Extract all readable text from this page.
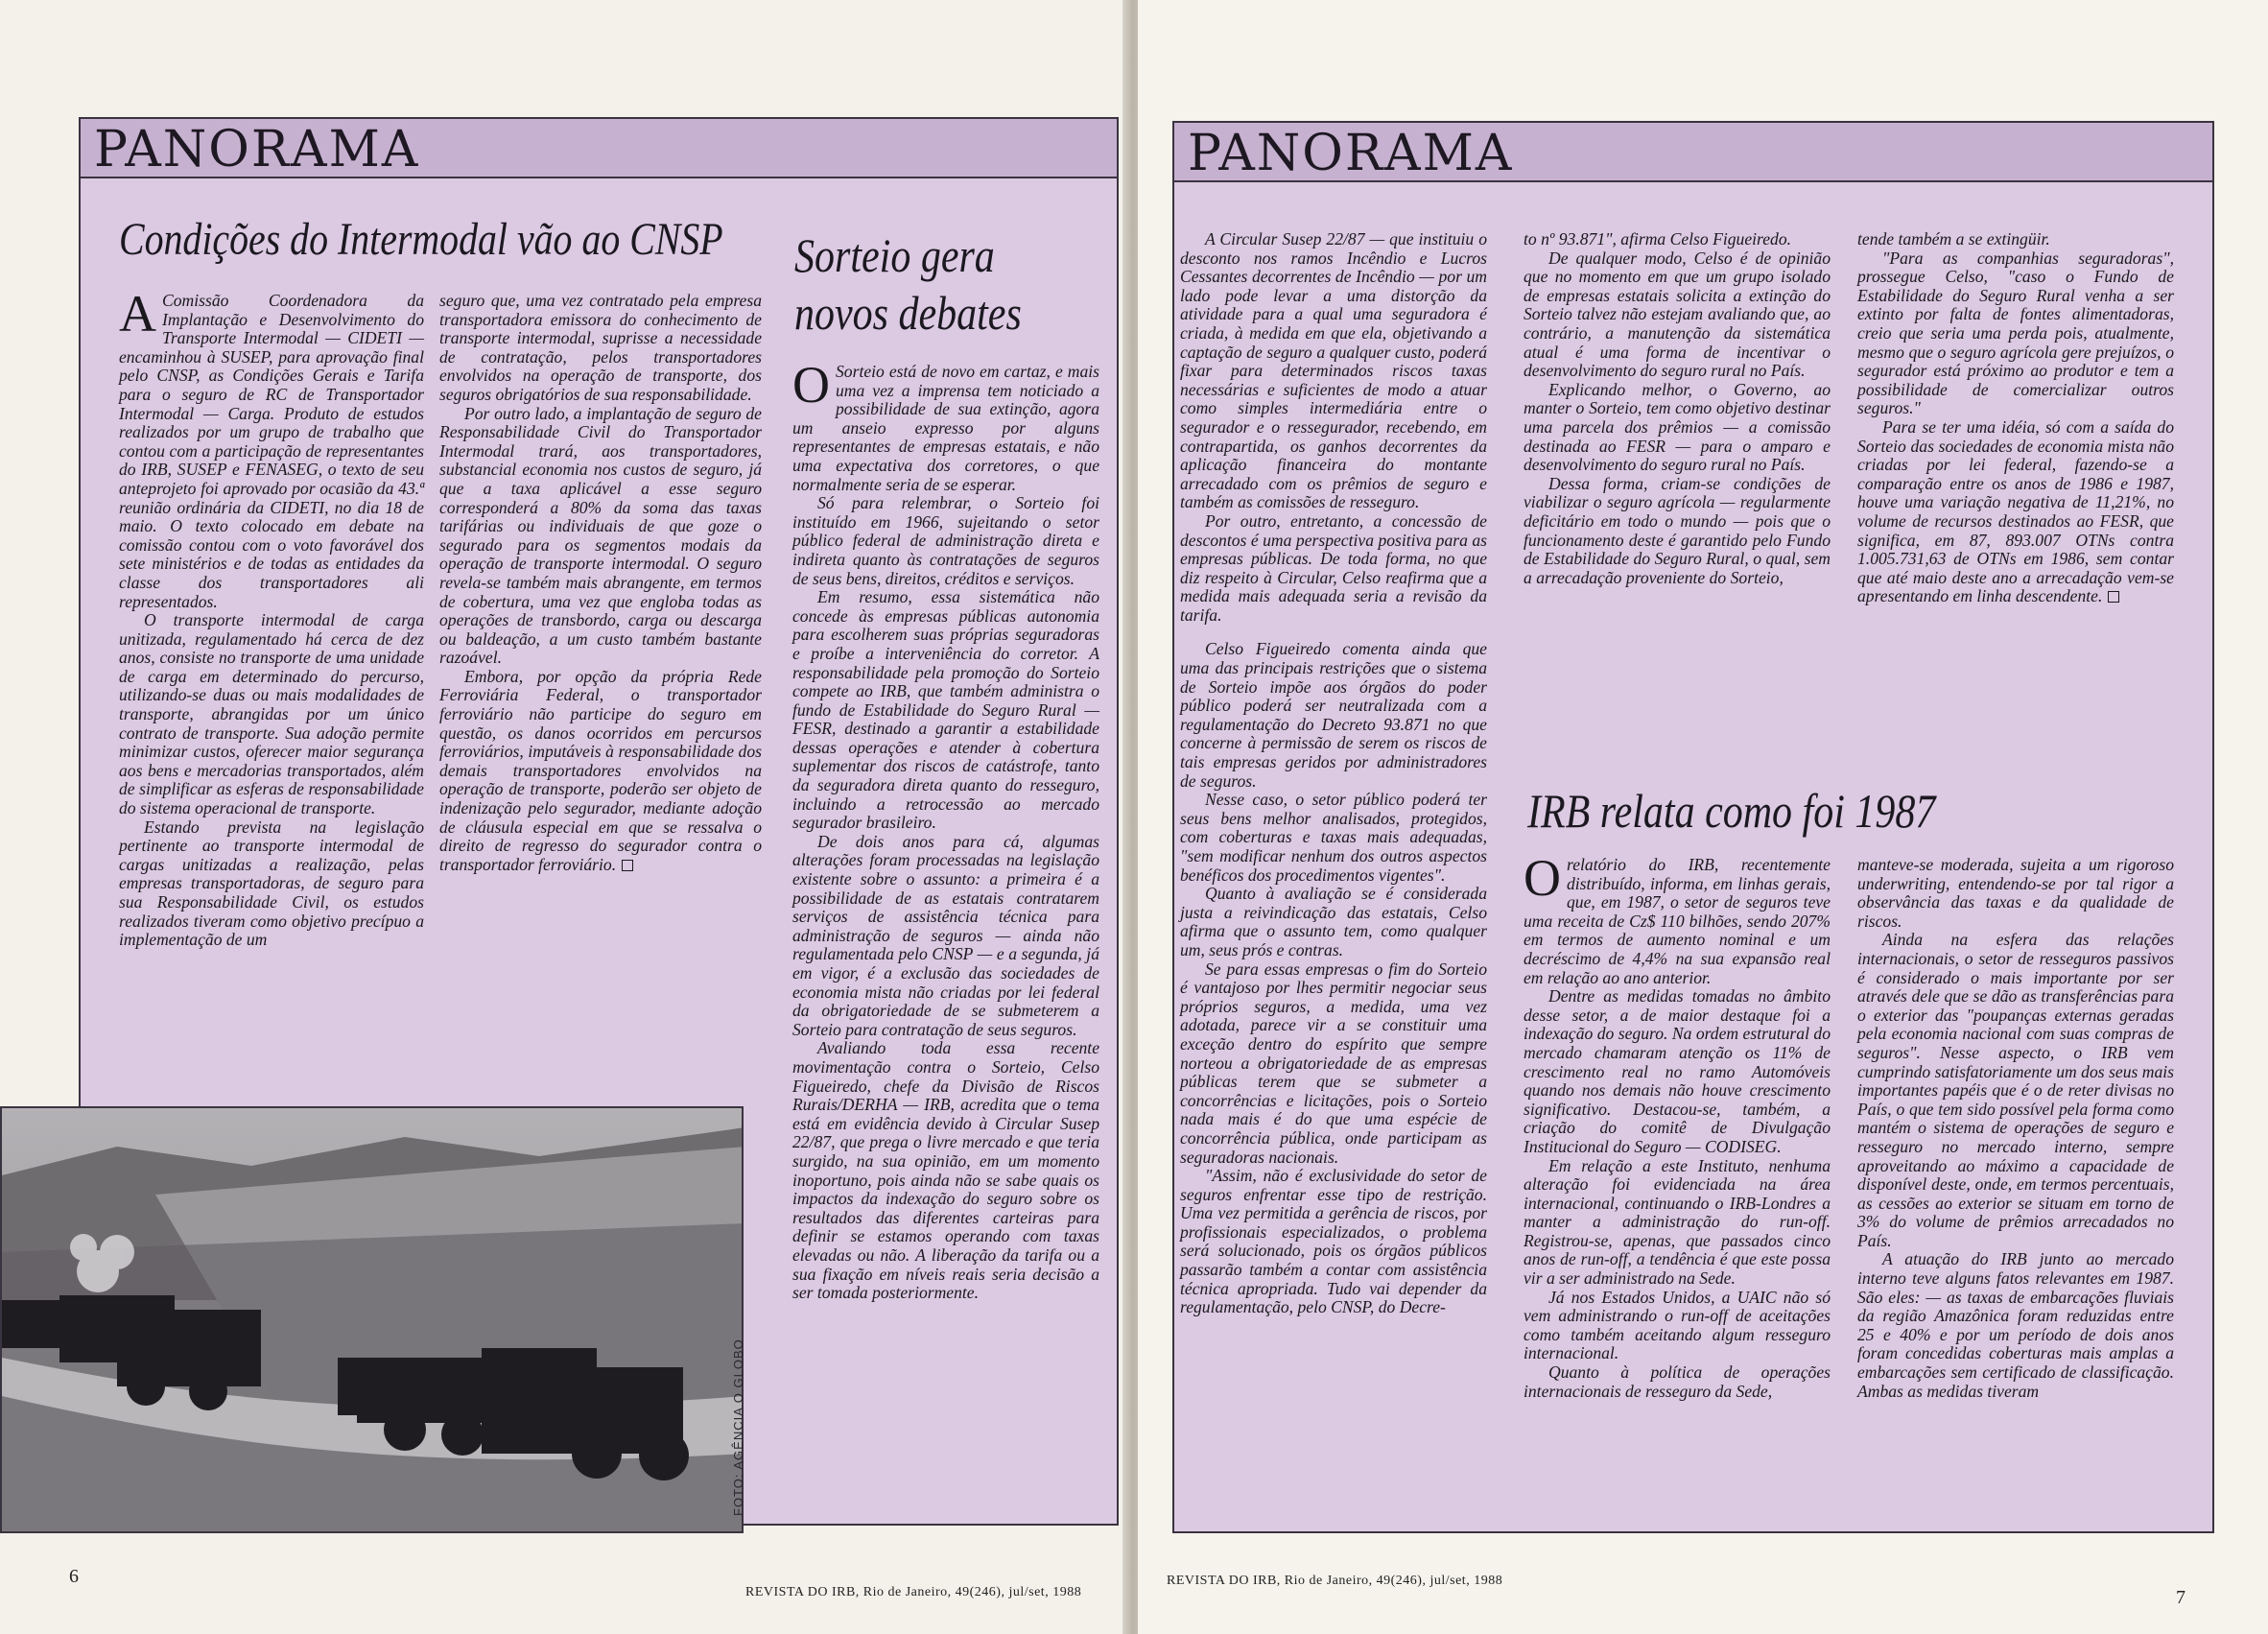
PANORAMA
Condições do Intermodal vão ao CNSP

A Comissão Coordenadora da Implantação e Desenvolvimento do Transporte Intermodal — CIDETI — encaminhou à SUSEP, para aprovação final pelo CNSP, as Condições Gerais e Tarifa para o seguro de RC de Transportador Intermodal — Carga. Produto de estudos realizados por um grupo de trabalho que contou com a participação de representantes do IRB, SUSEP e FENASEG, o texto de seu anteprojeto foi aprovado por ocasião da 43.ª reunião ordinária da CIDETI, no dia 18 de maio. O texto colocado em debate na comissão contou com o voto favorável dos sete ministérios e de todas as entidades da classe dos transportadores ali representados.

O transporte intermodal de carga unitizada, regulamentado há cerca de dez anos, consiste no transporte de uma unidade de carga em determinado do percurso, utilizando-se duas ou mais modalidades de transporte, abrangidas por um único contrato de transporte. Sua adoção permite minimizar custos, oferecer maior segurança aos bens e mercadorias transportados, além de simplificar as esferas de responsabilidade do sistema operacional de transporte.

Estando prevista na legislação pertinente ao transporte intermodal de cargas unitizadas a realização, pelas empresas transportadoras, de seguro para sua Responsabilidade Civil, os estudos realizados tiveram como objetivo precípuo a implementação de um

seguro que, uma vez contratado pela empresa transportadora emissora do conhecimento de transporte intermodal, suprisse a necessidade de contratação, pelos transportadores envolvidos na operação de transporte, dos seguros obrigatórios de sua responsabilidade.

Por outro lado, a implantação de seguro de Responsabilidade Civil do Transportador Intermodal trará, aos transportadores, substancial economia nos custos de seguro, já que a taxa aplicável a esse seguro corresponderá a 80% da soma das taxas tarifárias ou individuais de que goze o segurado para os segmentos modais da operação de transporte intermodal. O seguro revela-se também mais abrangente, em termos de cobertura, uma vez que engloba todas as operações de transbordo, carga ou descarga ou baldeação, a um custo também bastante razoável.

Embora, por opção da própria Rede Ferroviária Federal, o transportador ferroviário não participe do seguro em questão, os danos ocorridos em percursos ferroviários, imputáveis à responsabilidade dos demais transportadores envolvidos na operação de transporte, poderão ser objeto de indenização pelo segurador, mediante adoção de cláusula especial em que se ressalva o direito de regresso do segurador contra o transportador ferroviário.

Sorteio gera novos debates

O Sorteio está de novo em cartaz, e mais uma vez a imprensa tem noticiado a possibilidade de sua extinção, agora um anseio expresso por alguns representantes de empresas estatais, e não uma expectativa dos corretores, o que normalmente seria de se esperar.

Só para relembrar, o Sorteio foi instituído em 1966, sujeitando o setor público federal de administração direta e indireta quanto às contratações de seguros de seus bens, direitos, créditos e serviços.

Em resumo, essa sistemática não concede às empresas públicas autonomia para escolherem suas próprias seguradoras e proíbe a interveniência do corretor. A responsabilidade pela promoção do Sorteio compete ao IRB, que também administra o fundo de Estabilidade do Seguro Rural — FESR, destinado a garantir a estabilidade dessas operações e atender à cobertura suplementar dos riscos de catástrofe, tanto da seguradora direta quanto do resseguro, incluindo a retrocessão ao mercado segurador brasileiro.

De dois anos para cá, algumas alterações foram processadas na legislação existente sobre o assunto: a primeira é a possibilidade de as estatais contratarem serviços de assistência técnica para administração de seguros — ainda não regulamentada pelo CNSP — e a segunda, já em vigor, é a exclusão das sociedades de economia mista não criadas por lei federal da obrigatoriedade de se submeterem a Sorteio para contratação de seus seguros.

Avaliando toda essa recente movimentação contra o Sorteio, Celso Figueiredo, chefe da Divisão de Riscos Rurais/DERHA — IRB, acredita que o tema está em evidência devido à Circular Susep 22/87, que prega o livre mercado e que teria surgido, na sua opinião, em um momento inoportuno, pois ainda não se sabe quais os impactos da indexação do seguro sobre os resultados das diferentes carteiras para definir se estamos operando com taxas elevadas ou não. A liberação da tarifa ou a sua fixação em níveis reais seria decisão a ser tomada posteriormente.

FOTO: AGÊNCIA O GLOBO
6
REVISTA DO IRB, Rio de Janeiro, 49(246), jul/set, 1988
PANORAMA

A Circular Susep 22/87 — que instituiu o desconto nos ramos Incêndio e Lucros Cessantes decorrentes de Incêndio — por um lado pode levar a uma distorção da atividade para a qual uma seguradora é criada, à medida em que ela, objetivando a captação de seguro a qualquer custo, poderá fixar para determinados riscos taxas necessárias e suficientes de modo a atuar como simples intermediária entre o segurador e o ressegurador, recebendo, em contrapartida, os ganhos decorrentes da aplicação financeira do montante arrecadado com os prêmios de seguro e também as comissões de resseguro.

Por outro, entretanto, a concessão de descontos é uma perspectiva positiva para as empresas públicas. De toda forma, no que diz respeito à Circular, Celso reafirma que a medida mais adequada seria a revisão da tarifa.

Celso Figueiredo comenta ainda que uma das principais restrições que o sistema de Sorteio impõe aos órgãos do poder público poderá ser neutralizada com a regulamentação do Decreto 93.871 no que concerne à permissão de serem os riscos de tais empresas geridos por administradores de seguros.

Nesse caso, o setor público poderá ter seus bens melhor analisados, protegidos, com coberturas e taxas mais adequadas, "sem modificar nenhum dos outros aspectos benéficos dos procedimentos vigentes".

Quanto à avaliação se é considerada justa a reivindicação das estatais, Celso afirma que o assunto tem, como qualquer um, seus prós e contras.

Se para essas empresas o fim do Sorteio é vantajoso por lhes permitir negociar seus próprios seguros, a medida, uma vez adotada, parece vir a se constituir uma exceção dentro do espírito que sempre norteou a obrigatoriedade de as empresas públicas terem que se submeter a concorrências e licitações, pois o Sorteio nada mais é do que uma espécie de concorrência pública, onde participam as seguradoras nacionais.

"Assim, não é exclusividade do setor de seguros enfrentar esse tipo de restrição. Uma vez permitida a gerência de riscos, por profissionais especializados, o problema será solucionado, pois os órgãos públicos passarão também a contar com assistência técnica apropriada. Tudo vai depender da regulamentação, pelo CNSP, do Decre-

to nº 93.871", afirma Celso Figueiredo.

De qualquer modo, Celso é de opinião que no momento em que um grupo isolado de empresas estatais solicita a extinção do Sorteio talvez não estejam avaliando que, ao contrário, a manutenção da sistemática atual é uma forma de incentivar o desenvolvimento do seguro rural no País.

Explicando melhor, o Governo, ao manter o Sorteio, tem como objetivo destinar uma parcela dos prêmios — a comissão destinada ao FESR — para o amparo e desenvolvimento do seguro rural no País.

Dessa forma, criam-se condições de viabilizar o seguro agrícola — regularmente deficitário em todo o mundo — pois que o funcionamento deste é garantido pelo Fundo de Estabilidade do Seguro Rural, o qual, sem a arrecadação proveniente do Sorteio,

tende também a se extingüir.

"Para as companhias seguradoras", prossegue Celso, "caso o Fundo de Estabilidade do Seguro Rural venha a ser extinto por falta de fontes alimentadoras, creio que seria uma perda pois, atualmente, mesmo que o seguro agrícola gere prejuízos, o segurador está próximo ao produtor e tem a possibilidade de comercializar outros seguros."

Para se ter uma idéia, só com a saída do Sorteio das sociedades de economia mista não criadas por lei federal, fazendo-se a comparação entre os anos de 1986 e 1987, houve uma variação negativa de 11,21%, no volume de recursos destinados ao FESR, que significa, em 87, 893.007 OTNs contra 1.005.731,63 de OTNs em 1986, sem contar que até maio deste ano a arrecadação vem-se apresentando em linha descendente.

IRB relata como foi 1987

Orelatório do IRB, recentemente distribuído, informa, em linhas gerais, que, em 1987, o setor de seguros teve uma receita de Cz$ 110 bilhões, sendo 207% em termos de aumento nominal e um decréscimo de 4,4% na sua expansão real em relação ao ano anterior.

Dentre as medidas tomadas no âmbito desse setor, a de maior destaque foi a indexação do seguro. Na ordem estrutural do mercado chamaram atenção os 11% de crescimento real no ramo Automóveis quando nos demais não houve crescimento significativo. Destacou-se, também, a criação do comitê de Divulgação Institucional do Seguro — CODISEG.

Em relação a este Instituto, nenhuma alteração foi evidenciada na área internacional, continuando o IRB-Londres a manter a administração do run-off. Registrou-se, apenas, que passados cinco anos de run-off, a tendência é que este possa vir a ser administrado na Sede.

Já nos Estados Unidos, a UAIC não só vem administrando o run-off de aceitações como também aceitando algum resseguro internacional.

Quanto à política de operações internacionais de resseguro da Sede,

manteve-se moderada, sujeita a um rigoroso underwriting, entendendo-se por tal rigor a observância das taxas e da qualidade de riscos.

Ainda na esfera das relações internacionais, o setor de resseguros passivos é considerado o mais importante por ser através dele que se dão as transferências para o exterior das "poupanças externas geradas pela economia nacional com suas compras de seguros". Nesse aspecto, o IRB vem cumprindo satisfatoriamente um dos seus mais importantes papéis que é o de reter divisas no País, o que tem sido possível pela forma como mantém o sistema de operações de seguro e resseguro no mercado interno, sempre aproveitando ao máximo a capacidade de disponível deste, onde, em termos percentuais, as cessões ao exterior se situam em torno de 3% do volume de prêmios arrecadados no País.

A atuação do IRB junto ao mercado interno teve alguns fatos relevantes em 1987. São eles: — as taxas de embarcações fluviais da região Amazônica foram reduzidas entre 25 e 40% e por um período de dois anos foram concedidas coberturas mais amplas a embarcações sem certificado de classificação. Ambas as medidas tiveram

REVISTA DO IRB, Rio de Janeiro, 49(246), jul/set, 1988
7
